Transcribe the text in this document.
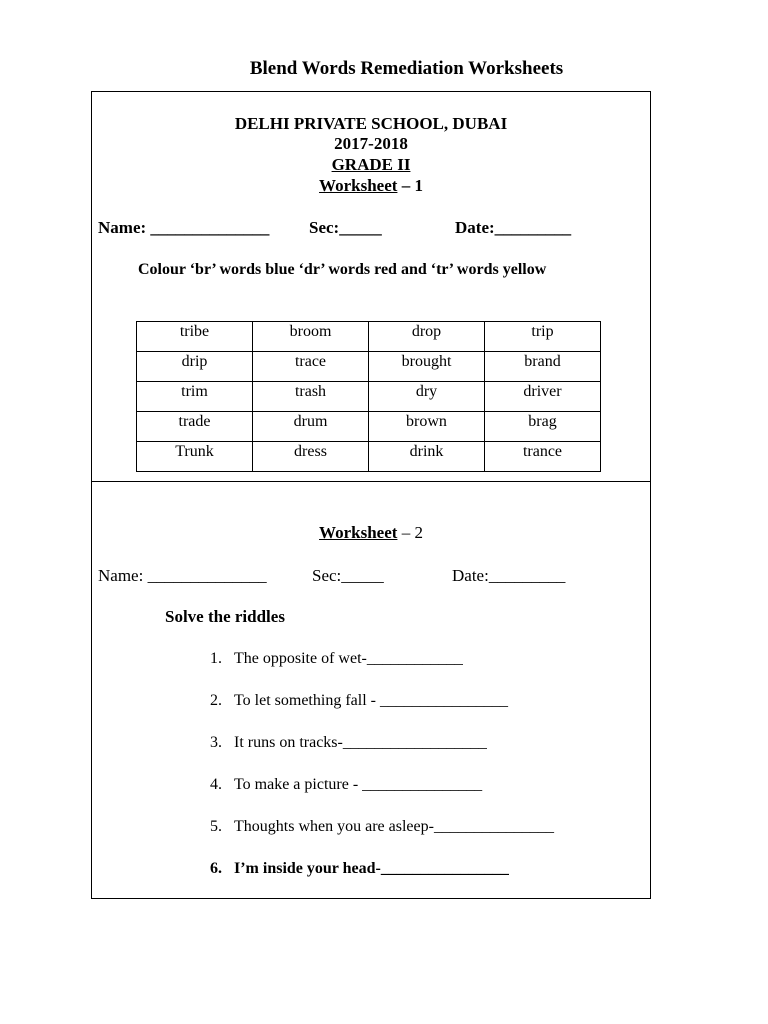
Blend Words Remediation Worksheets
DELHI PRIVATE SCHOOL, DUBAI
2017-2018
GRADE II
Worksheet – 1
Name: ______________ Sec:_____	Date:_________
Colour ‘br’ words blue ‘dr’ words red and ‘tr’ words yellow
tribe	broom	drop	trip
drip	trace	brought	brand
trim	trash	dry	driver
trade	drum	brown	brag
Trunk	dress	drink	trance
Worksheet – 2
Name: ______________	Sec:_____	Date:_________
Solve the riddles
1. The opposite of wet-____________
2. To let something fall - ________________
3. It runs on tracks-__________________
4. To make a picture - _______________
5. Thoughts when you are asleep-_______________
6. I’m inside your head-________________
